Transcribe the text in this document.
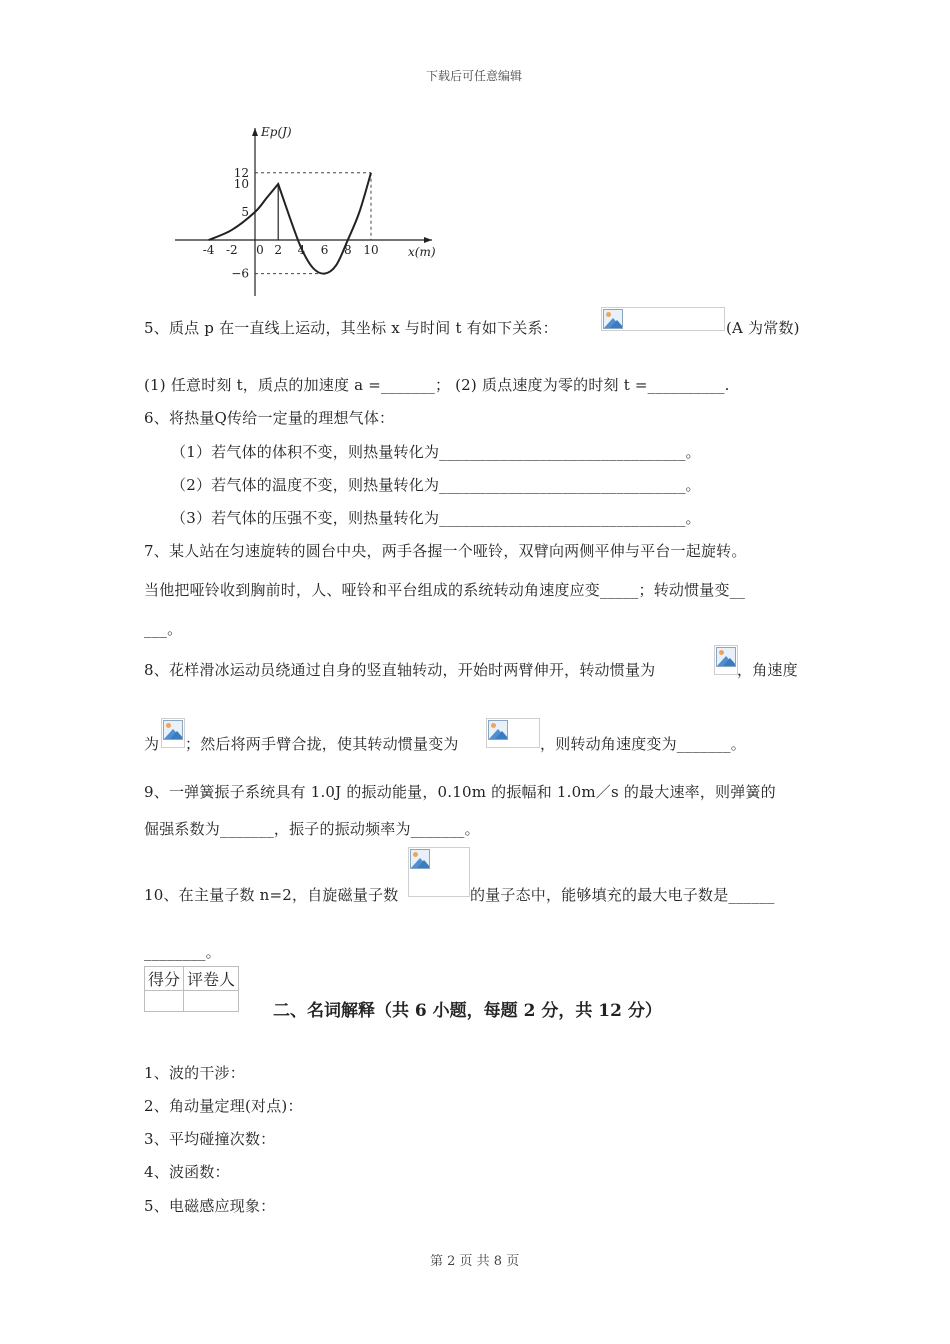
下载后可任意编辑
12
10
5
−6
-4 -2 0 2 4 6 8 10
Ep(J)
x(m)
5、质点 p 在一直线上运动，其坐标 x 与时间 t 有如下关系：	(A 为常数)
(1) 任意时刻 t，质点的加速度 a =_______； (2) 质点速度为零的时刻 t =__________.
6、将热量Q传给一定量的理想气体：
（1）若气体的体积不变，则热量转化为________________________________。
（2）若气体的温度不变，则热量转化为________________________________。
（3）若气体的压强不变，则热量转化为________________________________。
7、某人站在匀速旋转的圆台中央，两手各握一个哑铃，双臂向两侧平伸与平台一起旋转。
当他把哑铃收到胸前时，人、哑铃和平台组成的系统转动角速度应变_____；转动惯量变__
___。
8、花样滑冰运动员绕通过自身的竖直轴转动，开始时两臂伸开，转动惯量为	，角速度
为 ；然后将两手臂合拢，使其转动惯量变为	，则转动角速度变为_______。
9、一弹簧振子系统具有 1.0J 的振动能量，0.10m 的振幅和 1.0m／s 的最大速率，则弹簧的
倔强系数为_______，振子的振动频率为_______。
10、在主量子数 n=2，自旋磁量子数	的量子态中，能够填充的最大电子数是______
________。
得分	评卷人

二、名词解释（共 6 小题，每题 2 分，共 12 分）
1、波的干涉：
2、角动量定理(对点)：
3、平均碰撞次数：
4、波函数：
5、电磁感应现象：
第 2 页 共 8 页
